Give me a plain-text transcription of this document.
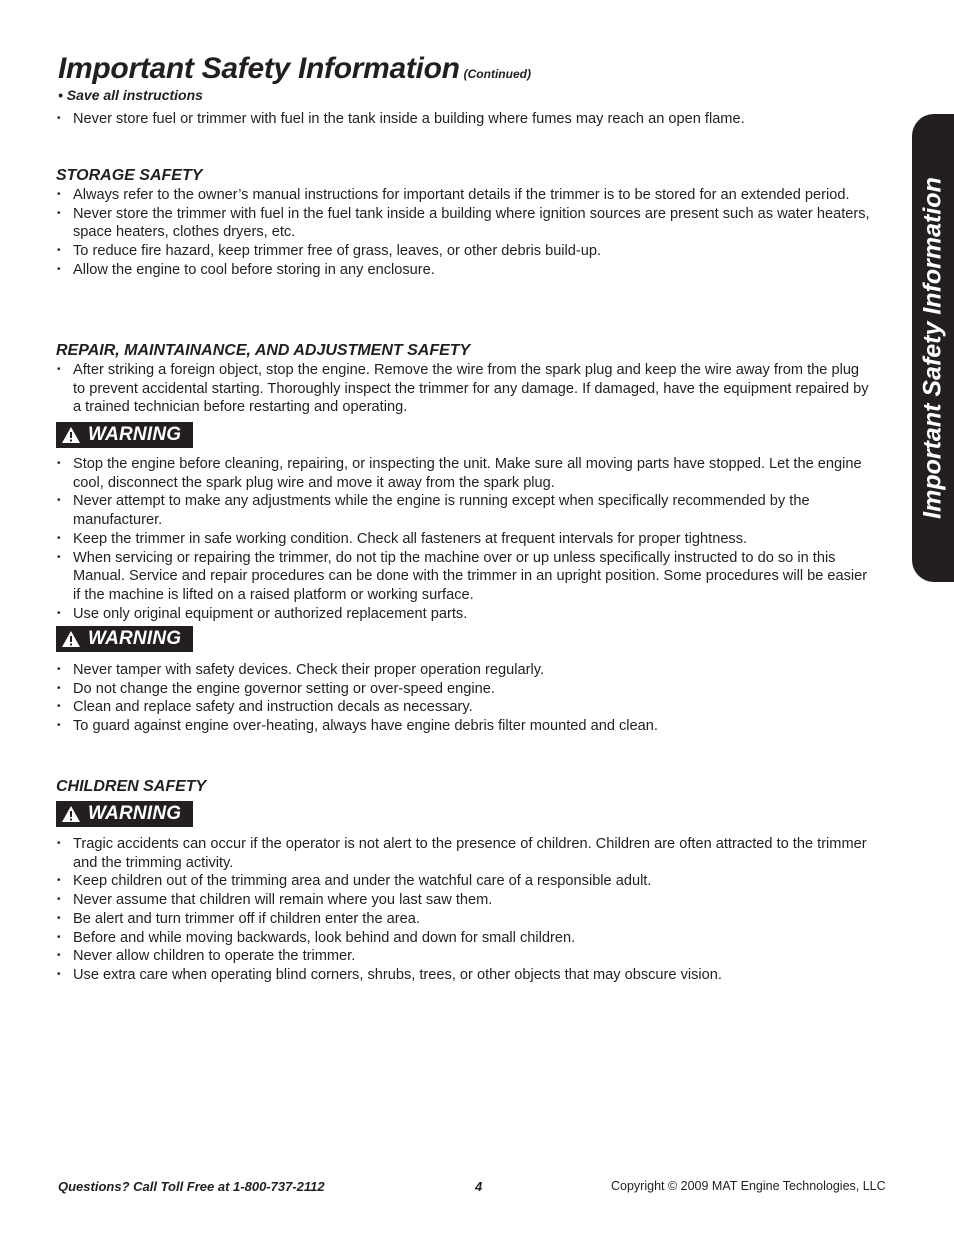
Important Safety Information (Continued)
• Save all instructions
• Never store fuel or trimmer with fuel in the tank inside a building where fumes may reach an open flame.
STORAGE SAFETY
• Always refer to the owner’s manual instructions for important details if the trimmer is to be stored for an extended period.
• Never store the trimmer with fuel in the fuel tank inside a building where ignition sources are present such as water heaters, space heaters, clothes dryers, etc.
• To reduce fire hazard, keep trimmer free of grass, leaves, or other debris build-up.
• Allow the engine to cool before storing in any enclosure.
REPAIR, MAINTAINANCE, AND ADJUSTMENT SAFETY
• After striking a foreign object, stop the engine. Remove the wire from the spark plug and keep the wire away from the plug to prevent accidental starting. Thoroughly inspect the trimmer for any damage. If damaged, have the equipment repaired by a trained technician before restarting and operating.
WARNING
• Stop the engine before cleaning, repairing, or inspecting the unit. Make sure all moving parts have stopped. Let the engine cool, disconnect the spark plug wire and move it away from the spark plug.
• Never attempt to make any adjustments while the engine is running except when specifically recommended by the manufacturer.
• Keep the trimmer in safe working condition. Check all fasteners at frequent intervals for proper tightness.
• When servicing or repairing the trimmer, do not tip the machine over or up unless specifically instructed to do so in this Manual. Service and repair procedures can be done with the trimmer in an upright position. Some procedures will be easier if the machine is lifted on a raised platform or working surface.
• Use only original equipment or authorized replacement parts.
WARNING
• Never tamper with safety devices. Check their proper operation regularly.
• Do not change the engine governor setting or over-speed engine.
• Clean and replace safety and instruction decals as necessary.
• To guard against engine over-heating, always have engine debris filter mounted and clean.
CHILDREN SAFETY
WARNING
• Tragic accidents can occur if the operator is not alert to the presence of children. Children are often attracted to the trimmer and the trimming activity.
• Keep children out of the trimming area and under the watchful care of a responsible adult.
• Never assume that children will remain where you last saw them.
• Be alert and turn trimmer off if children enter the area.
• Before and while moving backwards, look behind and down for small children.
• Never allow children to operate the trimmer.
• Use extra care when operating blind corners, shrubs, trees, or other objects that may obscure vision.
Important Safety Information
Questions? Call Toll Free at 1-800-737-2112	4	Copyright © 2009 MAT Engine Technologies, LLC
